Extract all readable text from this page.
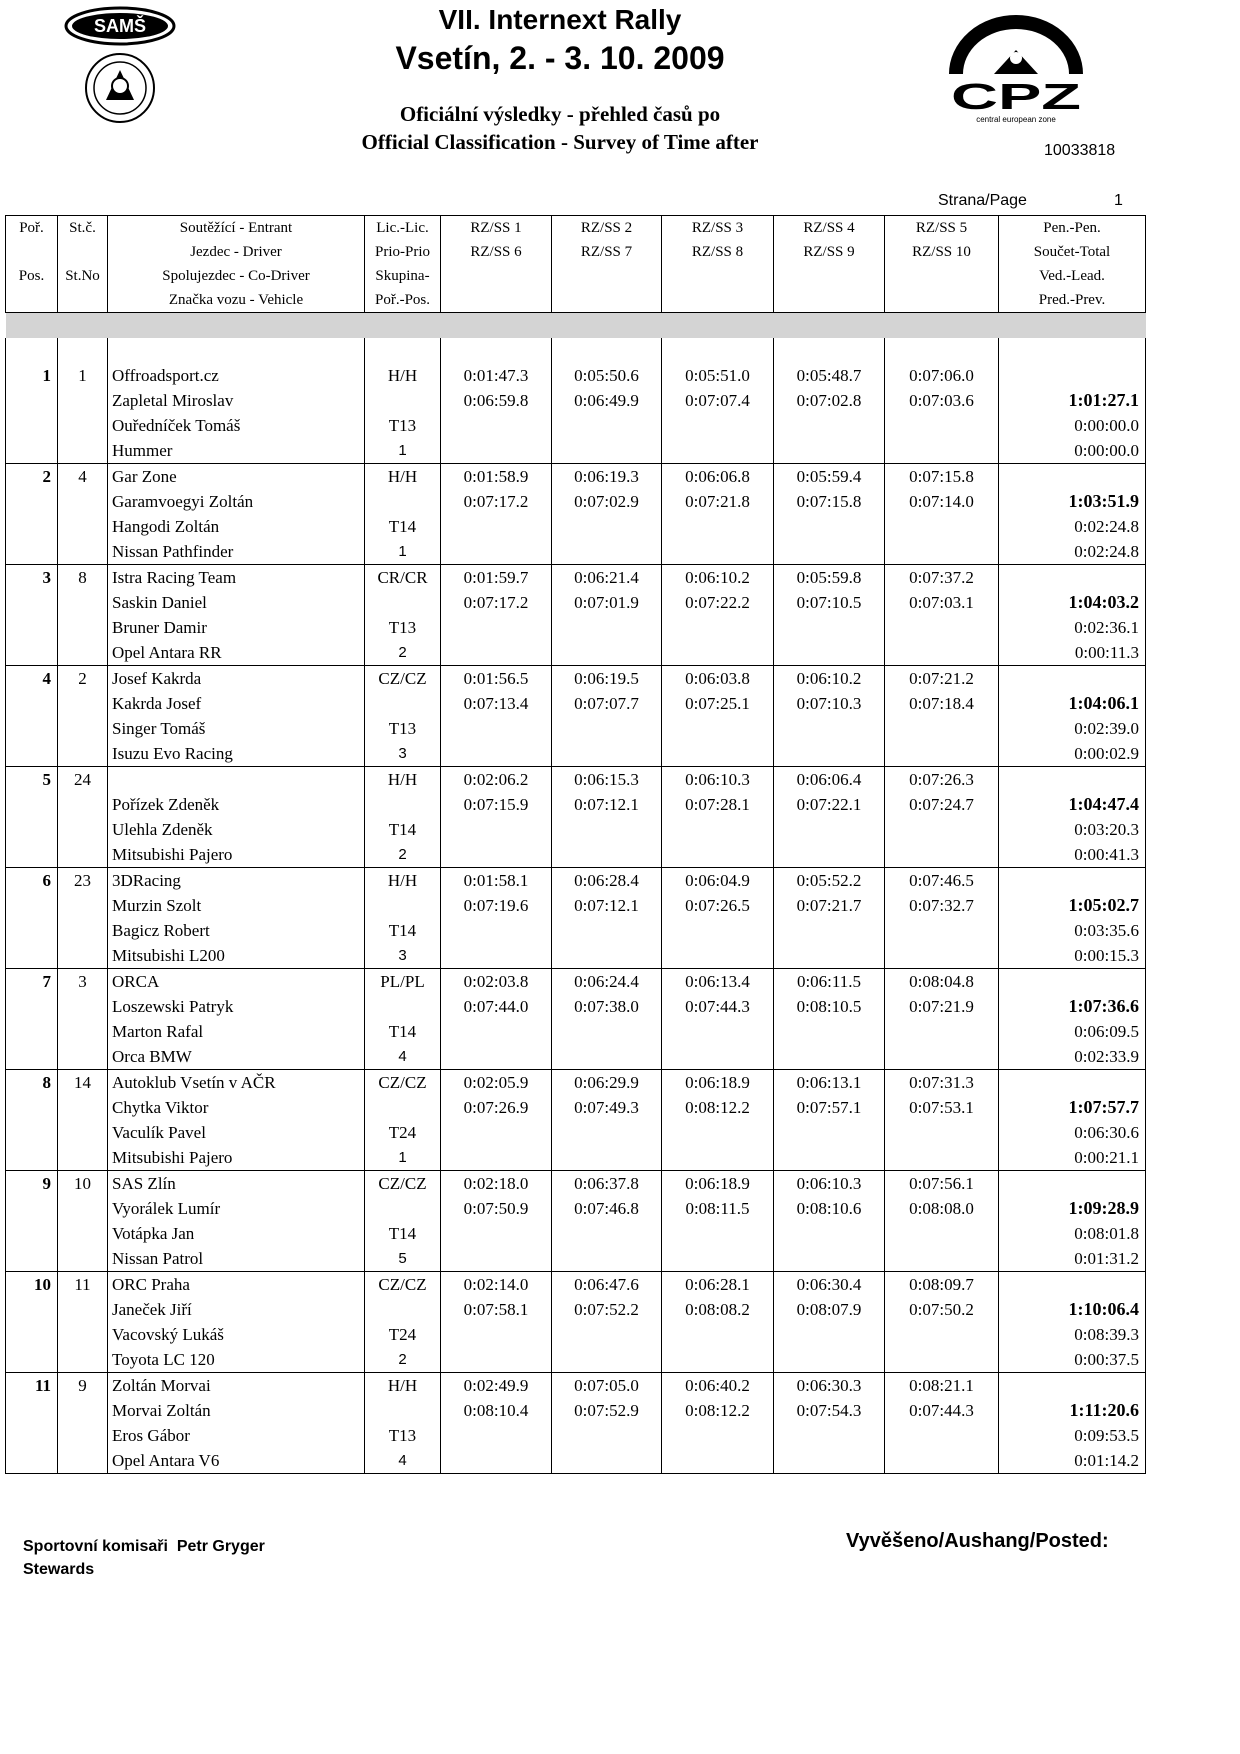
SAMŠ
CPZ
central european zone
VII. Internext Rally
Vsetín, 2. - 3. 10. 2009
Oficiální výsledky - přehled časů po
Official Classification - Survey of Time after	10033818
Strana/Page	1
Poř.	St.č.	Soutěžící - Entrant	Lic.-Lic.	RZ/SS 1	RZ/SS 2	RZ/SS 3	RZ/SS 4	RZ/SS 5	Pen.-Pen.
		Jezdec - Driver	Prio-Prio	RZ/SS 6	RZ/SS 7	RZ/SS 8	RZ/SS 9	RZ/SS 10	Součet-Total
Pos.	St.No	Spolujezdec - Co-Driver	Skupina-						Ved.-Lead.
		Značka vozu - Vehicle	Poř.-Pos.						Pred.-Prev.

1	1	Offroadsport.cz	H/H	0:01:47.3	0:05:50.6	0:05:51.0	0:05:48.7	0:07:06.0	
		Zapletal Miroslav		0:06:59.8	0:06:49.9	0:07:07.4	0:07:02.8	0:07:03.6	1:01:27.1
		Ouředníček Tomáš	T13						0:00:00.0
		Hummer	1						0:00:00.0
2	4	Gar Zone	H/H	0:01:58.9	0:06:19.3	0:06:06.8	0:05:59.4	0:07:15.8	
		Garamvoegyi Zoltán		0:07:17.2	0:07:02.9	0:07:21.8	0:07:15.8	0:07:14.0	1:03:51.9
		Hangodi Zoltán	T14						0:02:24.8
		Nissan Pathfinder	1						0:02:24.8
3	8	Istra Racing Team	CR/CR	0:01:59.7	0:06:21.4	0:06:10.2	0:05:59.8	0:07:37.2	
		Saskin Daniel		0:07:17.2	0:07:01.9	0:07:22.2	0:07:10.5	0:07:03.1	1:04:03.2
		Bruner Damir	T13						0:02:36.1
		Opel Antara RR	2						0:00:11.3
4	2	Josef Kakrda	CZ/CZ	0:01:56.5	0:06:19.5	0:06:03.8	0:06:10.2	0:07:21.2	
		Kakrda Josef		0:07:13.4	0:07:07.7	0:07:25.1	0:07:10.3	0:07:18.4	1:04:06.1
		Singer Tomáš	T13						0:02:39.0
		Isuzu Evo Racing	3						0:00:02.9
5	24		H/H	0:02:06.2	0:06:15.3	0:06:10.3	0:06:06.4	0:07:26.3	
		Pořízek Zdeněk		0:07:15.9	0:07:12.1	0:07:28.1	0:07:22.1	0:07:24.7	1:04:47.4
		Ulehla Zdeněk	T14						0:03:20.3
		Mitsubishi Pajero	2						0:00:41.3
6	23	3DRacing	H/H	0:01:58.1	0:06:28.4	0:06:04.9	0:05:52.2	0:07:46.5	
		Murzin Szolt		0:07:19.6	0:07:12.1	0:07:26.5	0:07:21.7	0:07:32.7	1:05:02.7
		Bagicz Robert	T14						0:03:35.6
		Mitsubishi L200	3						0:00:15.3
7	3	ORCA	PL/PL	0:02:03.8	0:06:24.4	0:06:13.4	0:06:11.5	0:08:04.8	
		Loszewski Patryk		0:07:44.0	0:07:38.0	0:07:44.3	0:08:10.5	0:07:21.9	1:07:36.6
		Marton Rafal	T14						0:06:09.5
		Orca BMW	4						0:02:33.9
8	14	Autoklub Vsetín v AČR	CZ/CZ	0:02:05.9	0:06:29.9	0:06:18.9	0:06:13.1	0:07:31.3	
		Chytka Viktor		0:07:26.9	0:07:49.3	0:08:12.2	0:07:57.1	0:07:53.1	1:07:57.7
		Vaculík Pavel	T24						0:06:30.6
		Mitsubishi Pajero	1						0:00:21.1
9	10	SAS Zlín	CZ/CZ	0:02:18.0	0:06:37.8	0:06:18.9	0:06:10.3	0:07:56.1	
		Vyorálek Lumír		0:07:50.9	0:07:46.8	0:08:11.5	0:08:10.6	0:08:08.0	1:09:28.9
		Votápka Jan	T14						0:08:01.8
		Nissan Patrol	5						0:01:31.2
10	11	ORC Praha	CZ/CZ	0:02:14.0	0:06:47.6	0:06:28.1	0:06:30.4	0:08:09.7	
		Janeček Jiří		0:07:58.1	0:07:52.2	0:08:08.2	0:08:07.9	0:07:50.2	1:10:06.4
		Vacovský Lukáš	T24						0:08:39.3
		Toyota LC 120	2						0:00:37.5
11	9	Zoltán Morvai	H/H	0:02:49.9	0:07:05.0	0:06:40.2	0:06:30.3	0:08:21.1	
		Morvai Zoltán		0:08:10.4	0:07:52.9	0:08:12.2	0:07:54.3	0:07:44.3	1:11:20.6
		Eros Gábor	T13						0:09:53.5
		Opel Antara V6	4						0:01:14.2
Sportovní komisaři Petr Gryger
Stewards
Vyvěšeno/Aushang/Posted:
